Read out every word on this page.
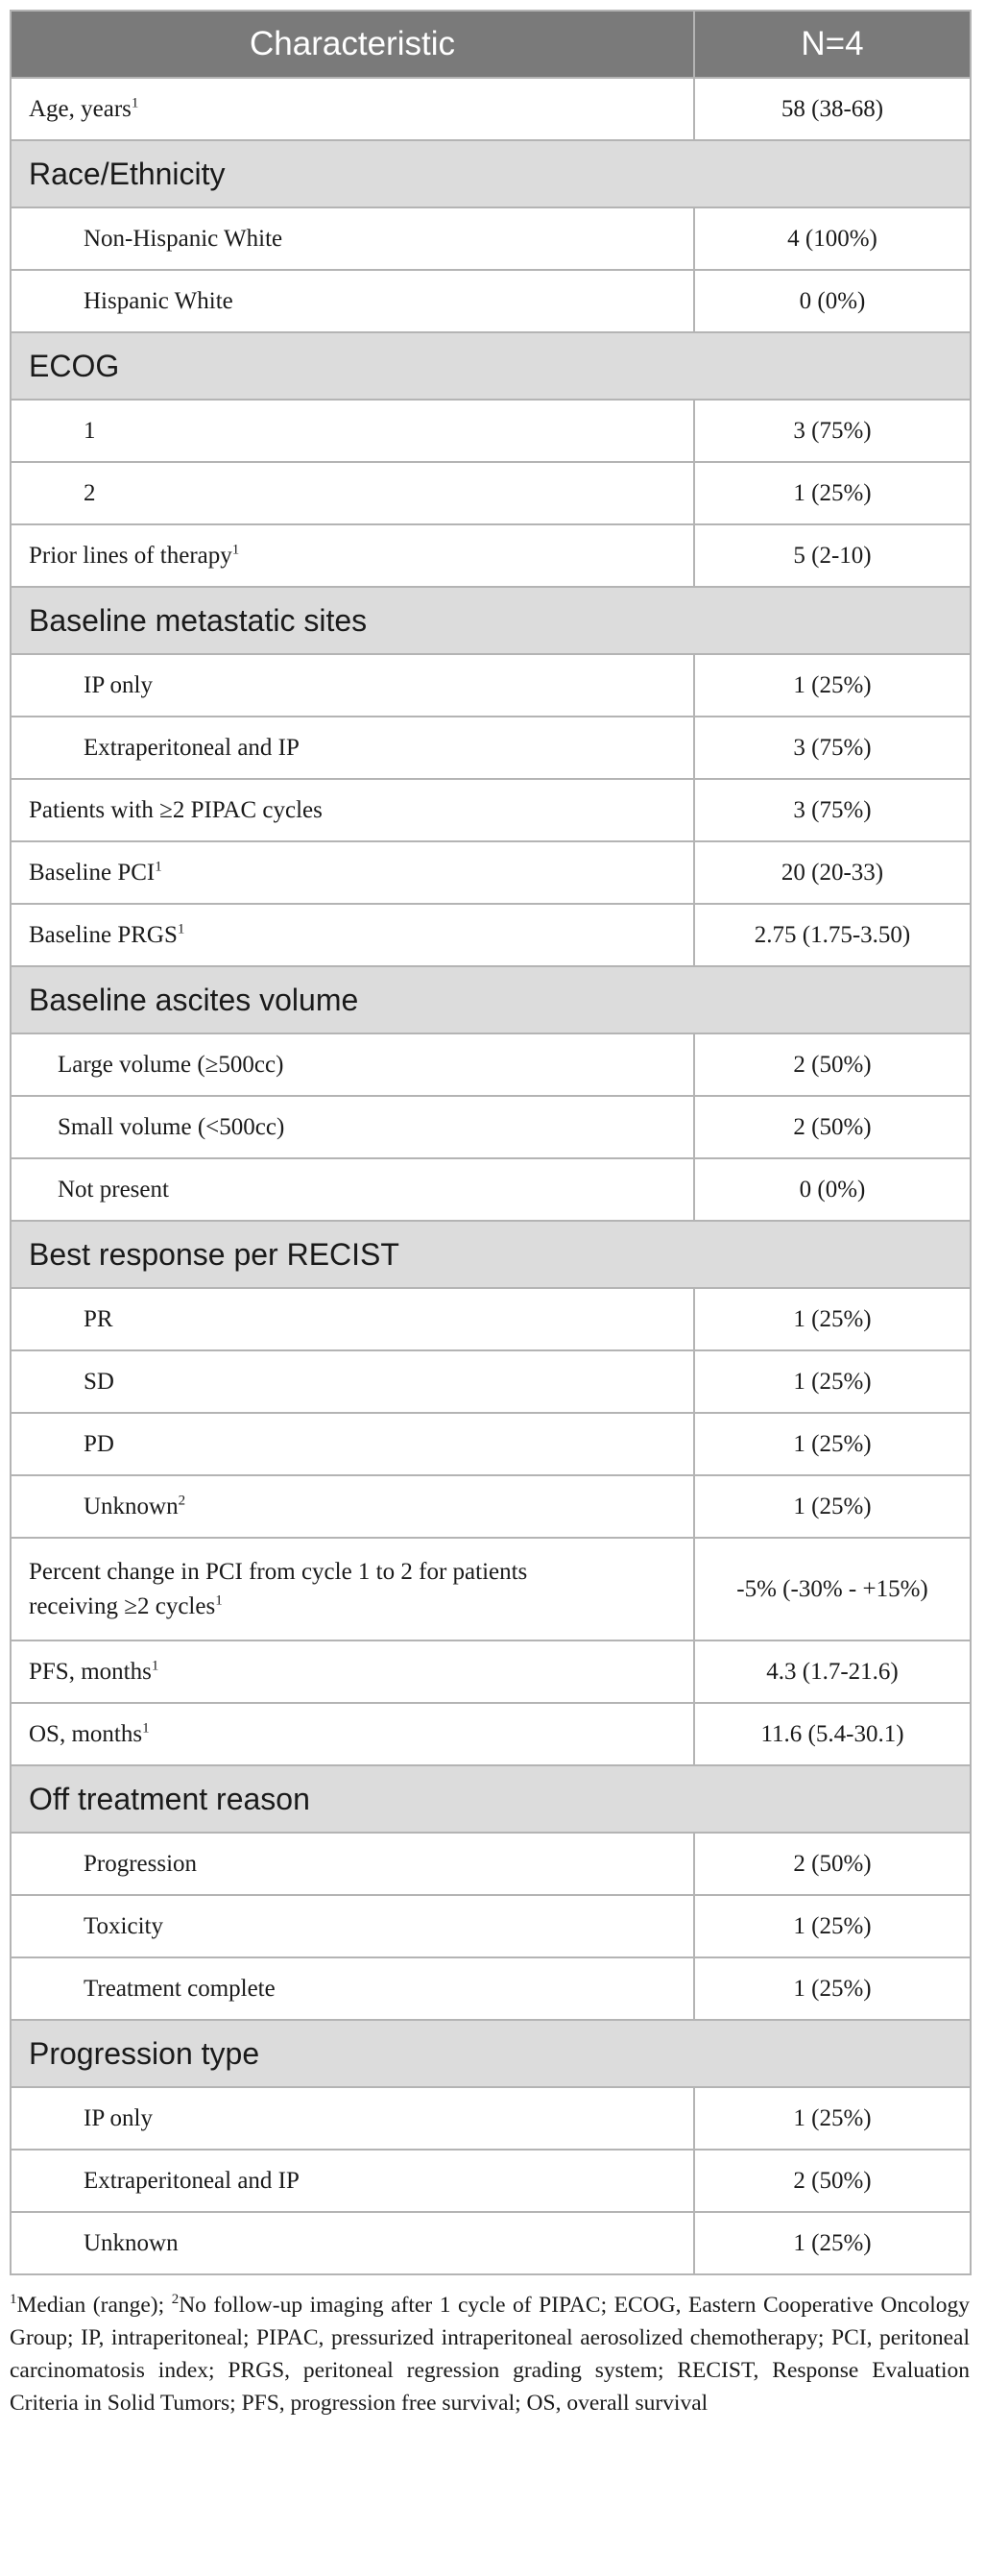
Characteristic	N=4
Age, years$^1$	58 (38-68)
Race/Ethnicity	
Non-Hispanic White	4 (100%)
Hispanic White	0 (0%)
ECOG	
1	3 (75%)
2	1 (25%)
Prior lines of therapy$^1$	5 (2-10)
Baseline metastatic sites	
IP only	1 (25%)
Extraperitoneal and IP	3 (75%)
Patients with ≥2 PIPAC cycles	3 (75%)
Baseline PCI$^1$	20 (20-33)
Baseline PRGS$^1$	2.75 (1.75-3.50)
Baseline ascites volume	
Large volume (≥500cc)	2 (50%)
Small volume (<500cc)	2 (50%)
Not present	0 (0%)
Best response per RECIST	
PR	1 (25%)
SD	1 (25%)
PD	1 (25%)
Unknown$^2$	1 (25%)
Percent change in PCI from cycle 1 to 2 for patients
receiving ≥2 cycles$^1$	-5% (-30% - +15%)
PFS, months$^1$	4.3 (1.7-21.6)
OS, months$^1$	11.6 (5.4-30.1)
Off treatment reason	
Progression	2 (50%)
Toxicity	1 (25%)
Treatment complete	1 (25%)
Progression type	
IP only	1 (25%)
Extraperitoneal and IP	2 (50%)
Unknown	1 (25%)
$^1$Median (range); $^2$No follow-up imaging after 1 cycle of PIPAC; ECOG, Eastern Cooperative Oncology Group; IP, intraperitoneal; PIPAC, pressurized intraperitoneal aerosolized chemotherapy; PCI, peritoneal carcinomatosis index; PRGS, peritoneal regression grading system; RECIST, Response Evaluation Criteria in Solid Tumors; PFS, progression free survival; OS, overall survival
